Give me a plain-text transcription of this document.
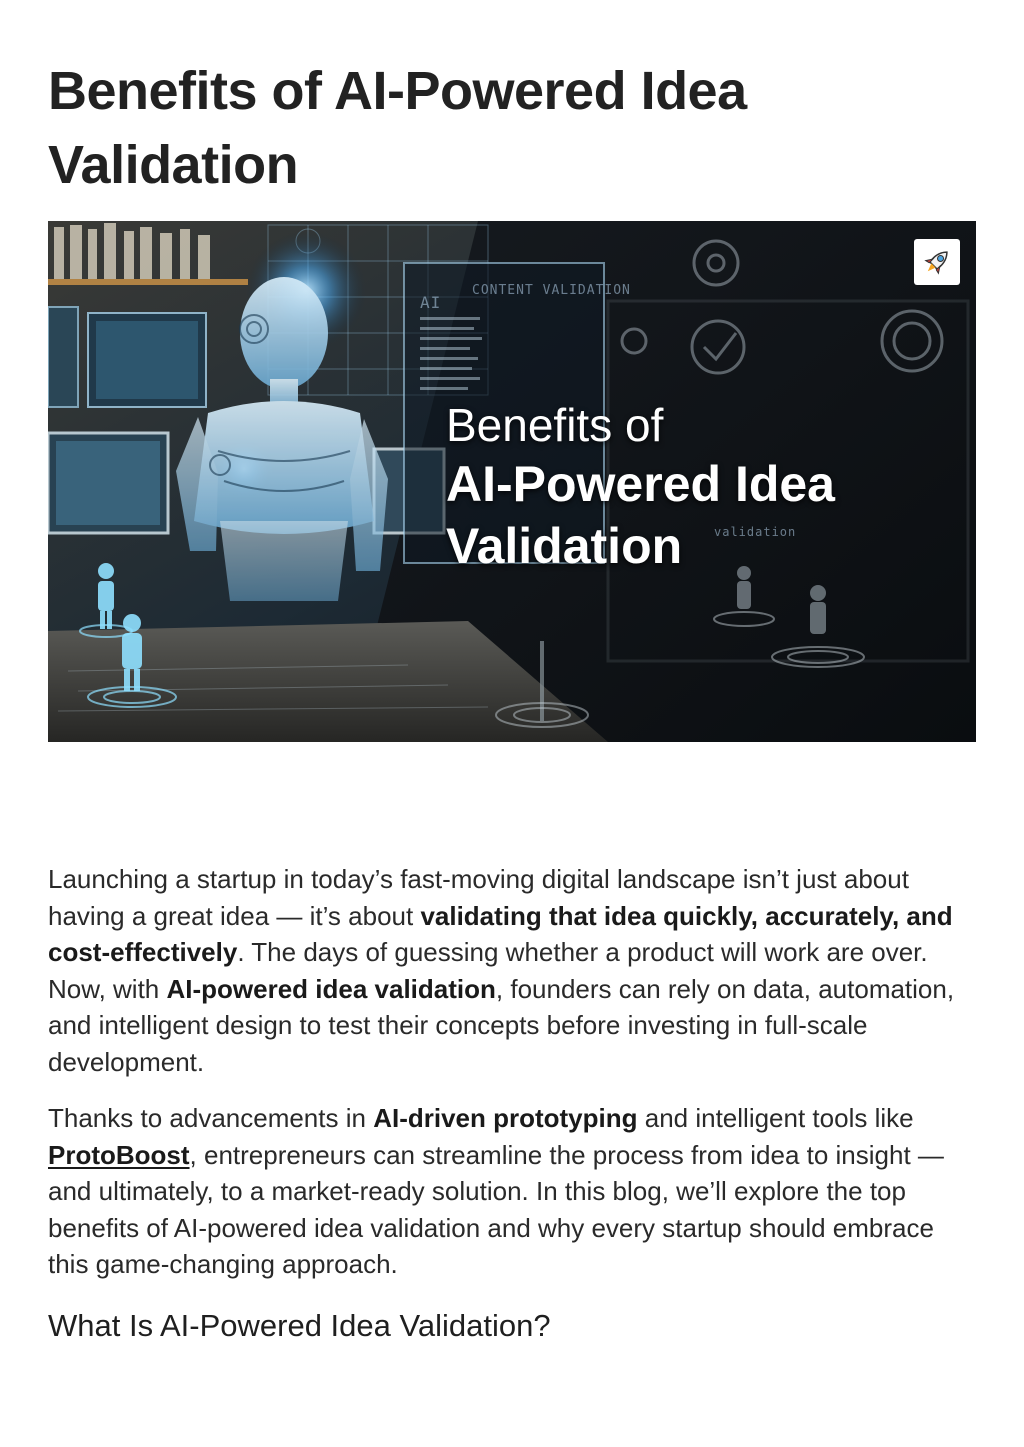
Benefits of AI-Powered Idea Validation
AI
CONTENT VALIDATION
validation
Benefits of
AI-Powered Idea
Validation

Launching a startup in today’s fast-moving digital landscape isn’t just about having a great idea — it’s about validating that idea quickly, accurately, and cost-effectively. The days of guessing whether a product will work are over. Now, with AI-powered idea validation, founders can rely on data, automation, and intelligent design to test their concepts before investing in full-scale development.

Thanks to advancements in AI-driven prototyping and intelligent tools like ProtoBoost, entrepreneurs can streamline the process from idea to insight — and ultimately, to a market-ready solution. In this blog, we’ll explore the top benefits of AI-powered idea validation and why every startup should embrace this game-changing approach.

What Is AI-Powered Idea Validation?
